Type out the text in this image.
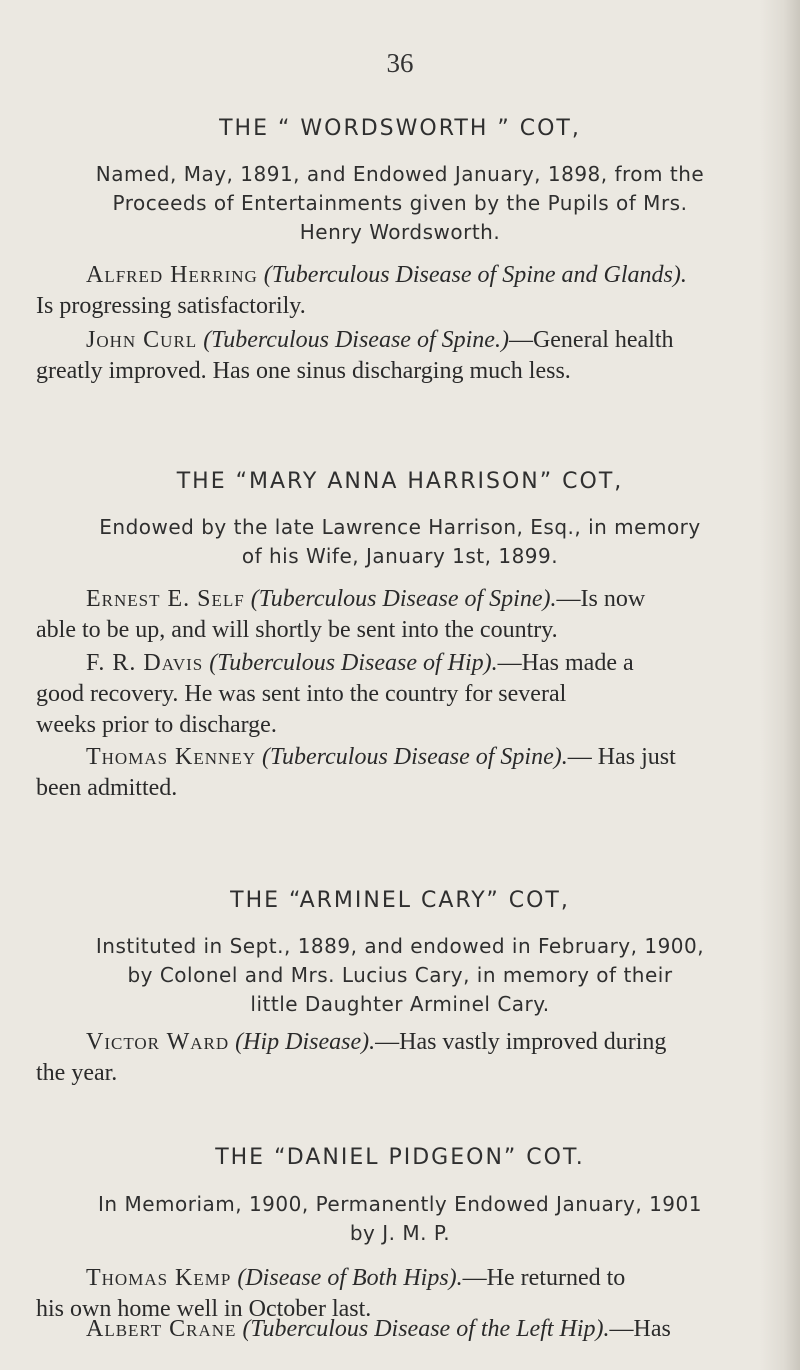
36
THE “ WORDSWORTH ” COT,
Named, May, 1891, and Endowed January, 1898, from the
Proceeds of Entertainments given by the Pupils of Mrs.
Henry Wordsworth.
Alfred Herring (Tuberculous Disease of Spine and Glands).
Is progressing satisfactorily.
John Curl (Tuberculous Disease of Spine.)—General health
greatly improved. Has one sinus discharging much less.
THE “MARY ANNA HARRISON” COT,
Endowed by the late Lawrence Harrison, Esq., in memory
of his Wife, January 1st, 1899.
Ernest E. Self (Tuberculous Disease of Spine).—Is now
able to be up, and will shortly be sent into the country.
F. R. Davis (Tuberculous Disease of Hip).—Has made a
good recovery. He was sent into the country for several
weeks prior to discharge.
Thomas Kenney (Tuberculous Disease of Spine).— Has just
been admitted.
THE “ARMINEL CARY” COT,
Instituted in Sept., 1889, and endowed in February, 1900,
by Colonel and Mrs. Lucius Cary, in memory of their
little Daughter Arminel Cary.
Victor Ward (Hip Disease).—Has vastly improved during
the year.
THE “DANIEL PIDGEON” COT.
In Memoriam, 1900, Permanently Endowed January, 1901
by J. M. P.
Thomas Kemp (Disease of Both Hips).—He returned to
his own home well in October last.
Albert Crane (Tuberculous Disease of the Left Hip).—Has
